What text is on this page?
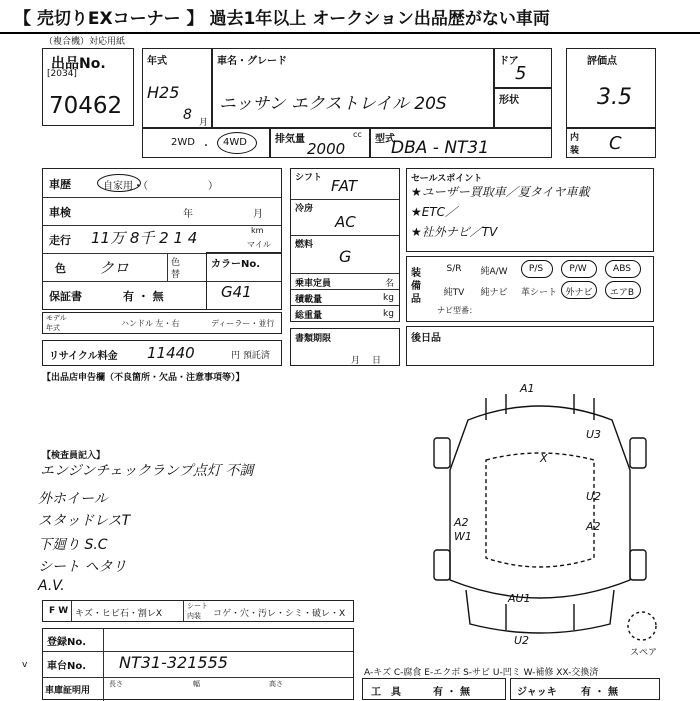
【 売切りEXコーナー 】 過去1年以上 オークション出品歴がない車両
（複合機）対応用紙
出品No.
[2034]
70462
年式
H25
8 月
車名・グレード
ニッサン エクストレイル 20S
ドア
5
形状
評価点
3.5
内
装 C
2WD ・ 4WD	排気量	cc
2000
型式
DBA - NT31
車歴	自家用・（　　　　　　）
車検	年	月
走行 11万 8千 2 1 4	km
マイル
色 クロ	色
替
保証書	有 ・ 無
カラーNo.
G41
モデル
年式	ハンドル 左・右	ディーラー・並行
リサイクル料金 11440	円 預託済
【出品店申告欄（不良箇所・欠品・注意事項等）】
シフト FAT
冷房
AC
燃料
G
乗車定員	名
積載量	kg
総重量	kg
書類期限
月日
セールスポイント
★ユーザー買取車／夏タイヤ車載
★ETC／
★社外ナビ／TV
装備品
S/R	純A/W	P/S	P/W	ABS
純TV	純ナビ	革シート 外ナビ	エアB
ナビ型番：
後日品
【検査員記入】
エンジンチェックランプ点灯 不調
外ホイール
スタッドレスT
下廻り S.C
シート ヘタリ
A.V.
F W キズ・ヒビ石・割レX
シート
内装 コゲ・穴・汚レ・シミ・破レ・X
登録No.
車台No. NT31-321555
車庫証明用
長さ	幅	高さ
v
A-キズ C-腐食 E-エクボ S-サビ U-凹ミ W-補修 XX-交換済
工　具	有 ・ 無	ジャッキ 有 ・ 無
A1
U3
X
U2
A2
W1
A2
AU1
U2
スペア
